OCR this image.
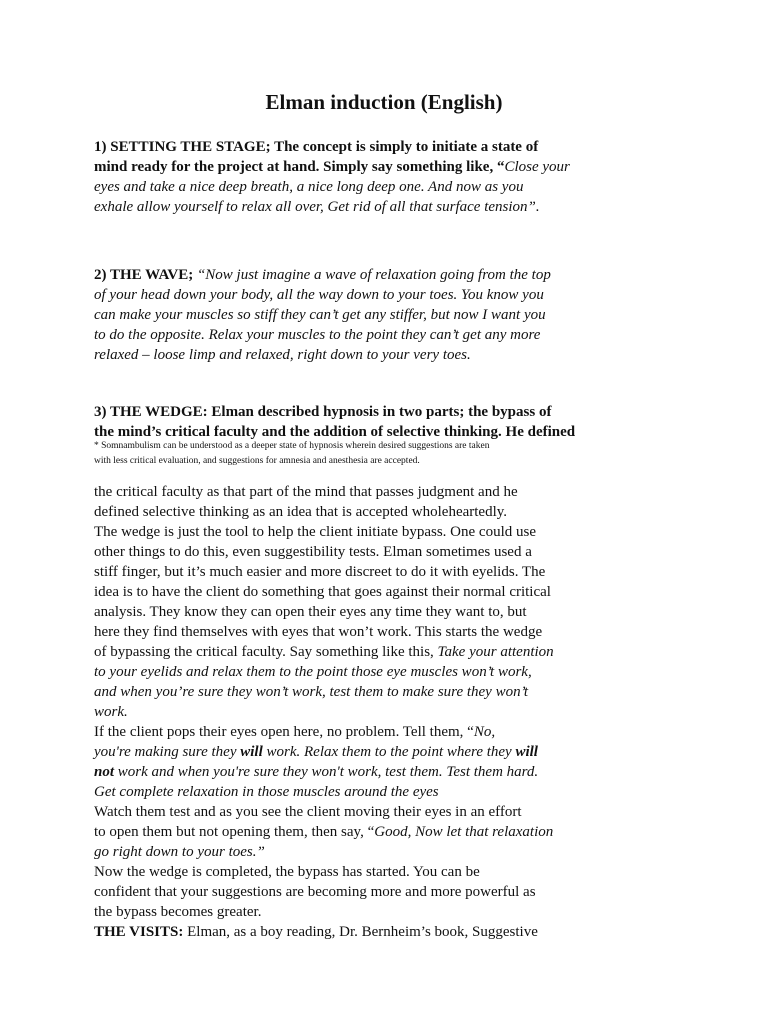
Elman induction (English)
1) SETTING THE STAGE; The concept is simply to initiate a state of
mind ready for the project at hand. Simply say something like, “Close your
eyes and take a nice deep breath, a nice long deep one. And now as you
exhale allow yourself to relax all over, Get rid of all that surface tension”.
2) THE WAVE; “Now just imagine a wave of relaxation going from the top
of your head down your body, all the way down to your toes. You know you
can make your muscles so stiff they can’t get any stiffer, but now I want you
to do the opposite. Relax your muscles to the point they can’t get any more
relaxed – loose limp and relaxed, right down to your very toes.
3) THE WEDGE: Elman described hypnosis in two parts; the bypass of
the mind’s critical faculty and the addition of selective thinking. He defined
* Somnambulism can be understood as a deeper state of hypnosis wherein desired suggestions are taken
with less critical evaluation, and suggestions for amnesia and anesthesia are accepted.
the critical faculty as that part of the mind that passes judgment and he
defined selective thinking as an idea that is accepted wholeheartedly.
The wedge is just the tool to help the client initiate bypass. One could use
other things to do this, even suggestibility tests. Elman sometimes used a
stiff finger, but it’s much easier and more discreet to do it with eyelids. The
idea is to have the client do something that goes against their normal critical
analysis. They know they can open their eyes any time they want to, but
here they find themselves with eyes that won’t work. This starts the wedge
of bypassing the critical faculty. Say something like this, Take your attention
to your eyelids and relax them to the point those eye muscles won’t work,
and when you’re sure they won’t work, test them to make sure they won’t
work.
If the client pops their eyes open here, no problem. Tell them, “No,
you're making sure they will work. Relax them to the point where they will
not work and when you're sure they won't work, test them. Test them hard.
Get complete relaxation in those muscles around the eyes
Watch them test and as you see the client moving their eyes in an effort
to open them but not opening them, then say, “Good, Now let that relaxation
go right down to your toes.”
Now the wedge is completed, the bypass has started. You can be
confident that your suggestions are becoming more and more powerful as
the bypass becomes greater.
THE VISITS: Elman, as a boy reading, Dr. Bernheim’s book, Suggestive
